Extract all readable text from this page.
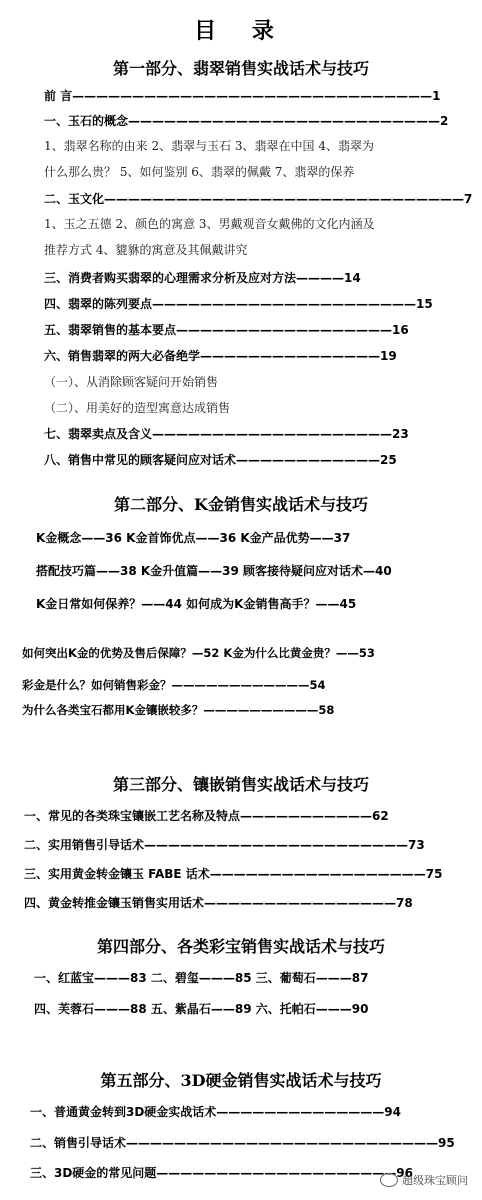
目 录
第一部分、翡翠销售实战话术与技巧
前 言——————————————————————————————1
一、玉石的概念——————————————————————————2
1、翡翠名称的由来 2、翡翠与玉石 3、翡翠在中国 4、翡翠为
什么那么贵？ 5、如何鉴别 6、翡翠的佩戴 7、翡翠的保养
二、玉文化——————————————————————————————7
1、玉之五德 2、颜色的寓意 3、男戴观音女戴佛的文化内涵及
推荐方式 4、貔貅的寓意及其佩戴讲究
三、消费者购买翡翠的心理需求分析及应对方法————14
四、翡翠的陈列要点——————————————————————15
五、翡翠销售的基本要点——————————————————16
六、销售翡翠的两大必备绝学———————————————19
（一）、从消除顾客疑问开始销售
（二）、用美好的造型寓意达成销售
七、翡翠卖点及含义————————————————————23
八、销售中常见的顾客疑问应对话术————————————25
第二部分、K金销售实战话术与技巧
K金概念——36 K金首饰优点——36 K金产品优势——37
搭配技巧篇——38 K金升值篇——39 顾客接待疑问应对话术—40
K金日常如何保养？——44 如何成为K金销售高手？——45
如何突出K金的优势及售后保障？—52 K金为什么比黄金贵？——53
彩金是什么？如何销售彩金？————————————54
为什么各类宝石都用K金镶嵌较多？——————————58
第三部分、镶嵌销售实战话术与技巧
一、常见的各类珠宝镶嵌工艺名称及特点———————————62
二、实用销售引导话术——————————————————————73
三、实用黄金转金镶玉 FABE 话术——————————————————75
四、黄金转推金镶玉销售实用话术————————————————78
第四部分、各类彩宝销售实战话术与技巧
一、红蓝宝———83 二、碧玺———85 三、葡萄石———87
四、芙蓉石———88 五、紫晶石——89 六、托帕石———90
第五部分、3D硬金销售实战话术与技巧
一、普通黄金转到3D硬金实战话术——————————————94
二、销售引导话术——————————————————————————95
三、3D硬金的常见问题————————————————————96
超级珠宝顾问
